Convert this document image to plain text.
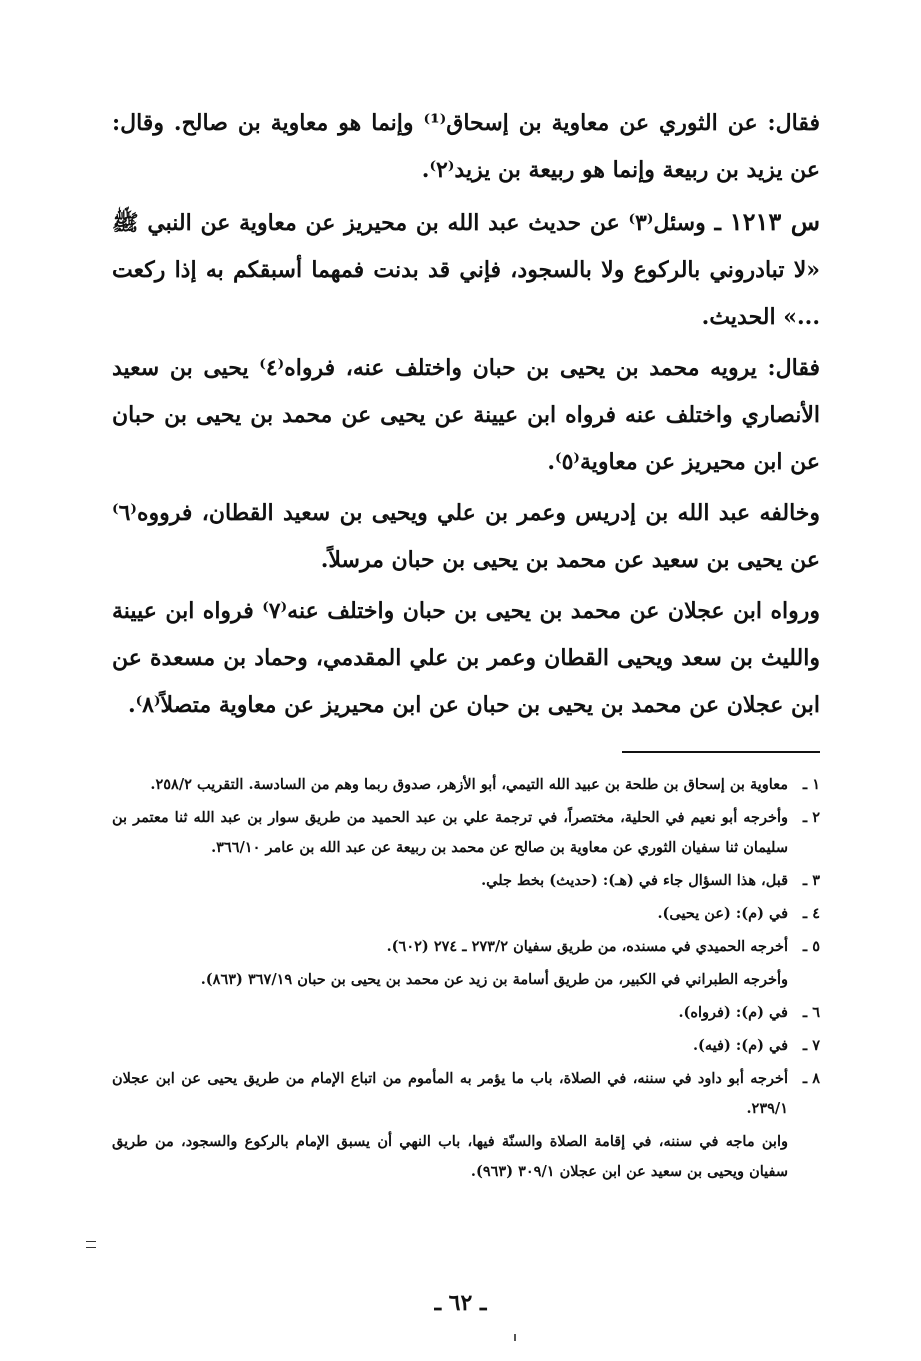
فقال: عن الثوري عن معاوية بن إسحاق⁽¹⁾ وإنما هو معاوية بن صالح. وقال: عن يزيد بن ربيعة وإنما هو ربيعة بن يزيد⁽٢⁾.

س ١٢١٣ ـ وسئل⁽٣⁾ عن حديث عبد الله بن محيريز عن معاوية عن النبي ﷺ «لا تبادروني بالركوع ولا بالسجود، فإني قد بدنت فمهما أسبقكم به إذا ركعت ...» الحديث.

فقال: يرويه محمد بن يحيى بن حبان واختلف عنه، فرواه⁽٤⁾ يحيى بن سعيد الأنصاري واختلف عنه فرواه ابن عيينة عن يحيى عن محمد بن يحيى بن حبان عن ابن محيريز عن معاوية⁽٥⁾.

وخالفه عبد الله بن إدريس وعمر بن علي ويحيى بن سعيد القطان، فرووه⁽٦⁾ عن يحيى بن سعيد عن محمد بن يحيى بن حبان مرسلاً.

ورواه ابن عجلان عن محمد بن يحيى بن حبان واختلف عنه⁽٧⁾ فرواه ابن عيينة والليث بن سعد ويحيى القطان وعمر بن علي المقدمي، وحماد بن مسعدة عن ابن عجلان عن محمد بن يحيى بن حبان عن ابن محيريز عن معاوية متصلاً⁽٨⁾.

١ ـ
معاوية بن إسحاق بن طلحة بن عبيد الله التيمي، أبو الأزهر، صدوق ربما وهم من السادسة. التقريب ٢٥٨/٢.
٢ ـ
وأخرجه أبو نعيم في الحلية، مختصراً، في ترجمة علي بن عبد الحميد من طريق سوار بن عبد الله ثنا معتمر بن سليمان ثنا سفيان الثوري عن معاوية بن صالح عن محمد بن ربيعة عن عبد الله بن عامر ٣٦٦/١٠.
٣ ـ
قبل، هذا السؤال جاء في (هـ): (حديث) بخط جلي.
٤ ـ
في (م): (عن يحيى).
٥ ـ
أخرجه الحميدي في مسنده، من طريق سفيان ٢٧٣/٢ ـ ٢٧٤ (٦٠٢).
وأخرجه الطبراني في الكبير، من طريق أسامة بن زيد عن محمد بن يحيى بن حبان ٣٦٧/١٩ (٨٦٣).
٦ ـ
في (م): (فرواه).
٧ ـ
في (م): (فيه).
٨ ـ
أخرجه أبو داود في سننه، في الصلاة، باب ما يؤمر به المأموم من اتباع الإمام من طريق يحيى عن ابن عجلان ٢٣٩/١.
وابن ماجه في سننه، في إقامة الصلاة والسنّة فيها، باب النهي أن يسبق الإمام بالركوع والسجود، من طريق سفيان ويحيى بن سعيد عن ابن عجلان ٣٠٩/١ (٩٦٣).
ـ ٦٢ ـ
